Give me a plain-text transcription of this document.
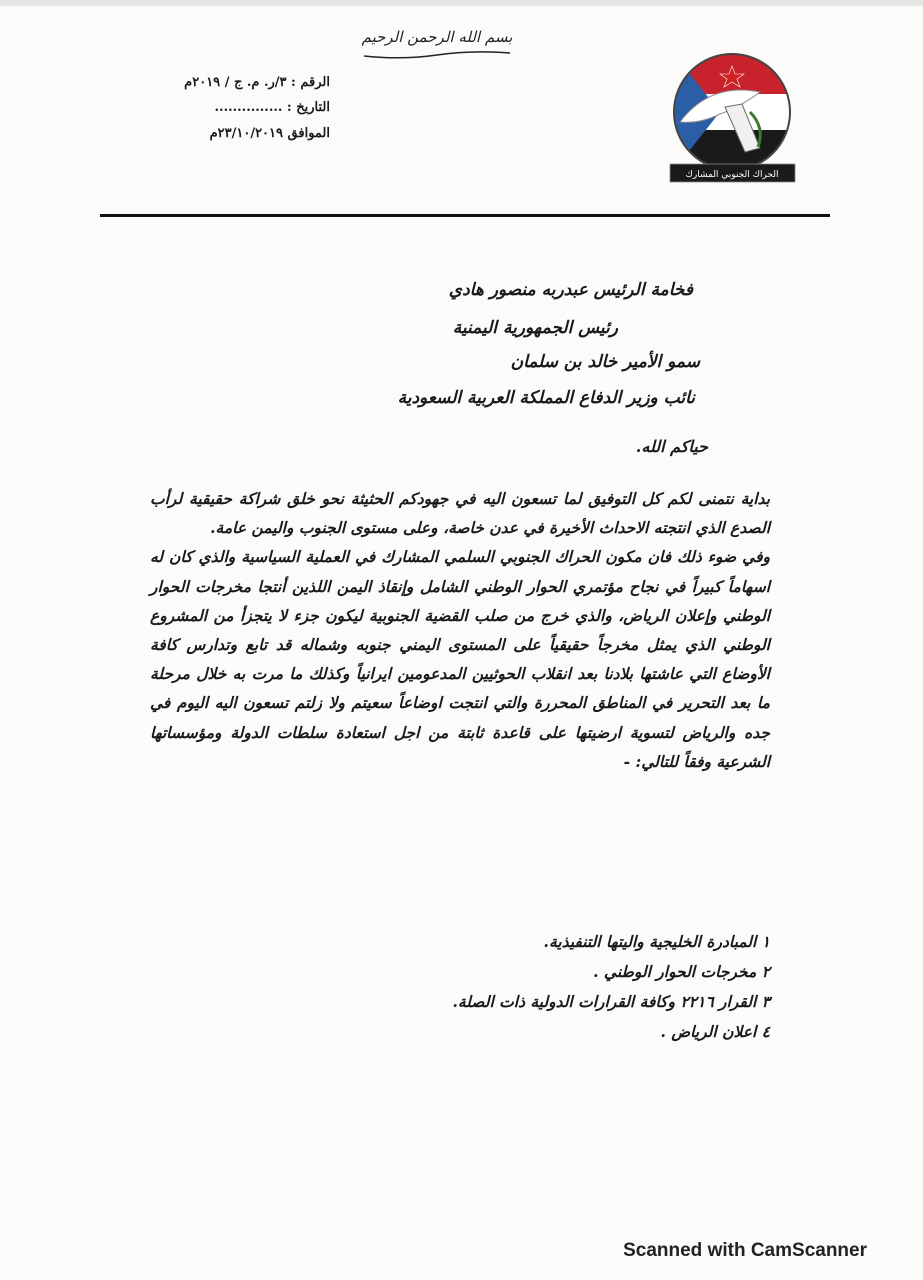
بسم الله الرحمن الرحيم
الرقم : ٣/ر. م. ج / ٢٠١٩م
التاريخ : ...............
الموافق ٢٣/١٠/٢٠١٩م
الحراك الجنوبي المشارك
فخامة الرئيس عبدربه منصور هادي
رئيس الجمهورية اليمنية
سمو الأمير خالد بن سلمان
نائب وزير الدفاع المملكة العربية السعودية
حياكم الله.

بداية نتمنى لكم كل التوفيق لما تسعون اليه في جهودكم الحثيثة نحو خلق شراكة حقيقية لرأب الصدع الذي انتجته الاحداث الأخيرة في عدن خاصة، وعلى مستوى الجنوب واليمن عامة.

وفي ضوء ذلك فان مكون الحراك الجنوبي السلمي المشارك في العملية السياسية والذي كان له اسهاماً كبيراً في نجاح مؤتمري الحوار الوطني الشامل وإنقاذ اليمن اللذين أنتجا مخرجات الحوار الوطني وإعلان الرياض، والذي خرج من صلب القضية الجنوبية ليكون جزء لا يتجزأ من المشروع الوطني الذي يمثل مخرجاً حقيقياً على المستوى اليمني جنوبه وشماله قد تابع وتدارس كافة الأوضاع التي عاشتها بلادنا بعد انقلاب الحوثيين المدعومين ايرانياً وكذلك ما مرت به خلال مرحلة ما بعد التحرير في المناطق المحررة والتي انتجت اوضاعاً سعيتم ولا زلتم تسعون اليه اليوم في جده والرياض لتسوية ارضيتها على قاعدة ثابتة من اجل استعادة سلطات الدولة ومؤسساتها الشرعية وفقاً للتالي: -

١ المبادرة الخليجية واليتها التنفيذية.
٢ مخرجات الحوار الوطني .
٣ القرار ٢٢١٦ وكافة القرارات الدولية ذات الصلة.
٤ اعلان الرياض .
Scanned with CamScanner
